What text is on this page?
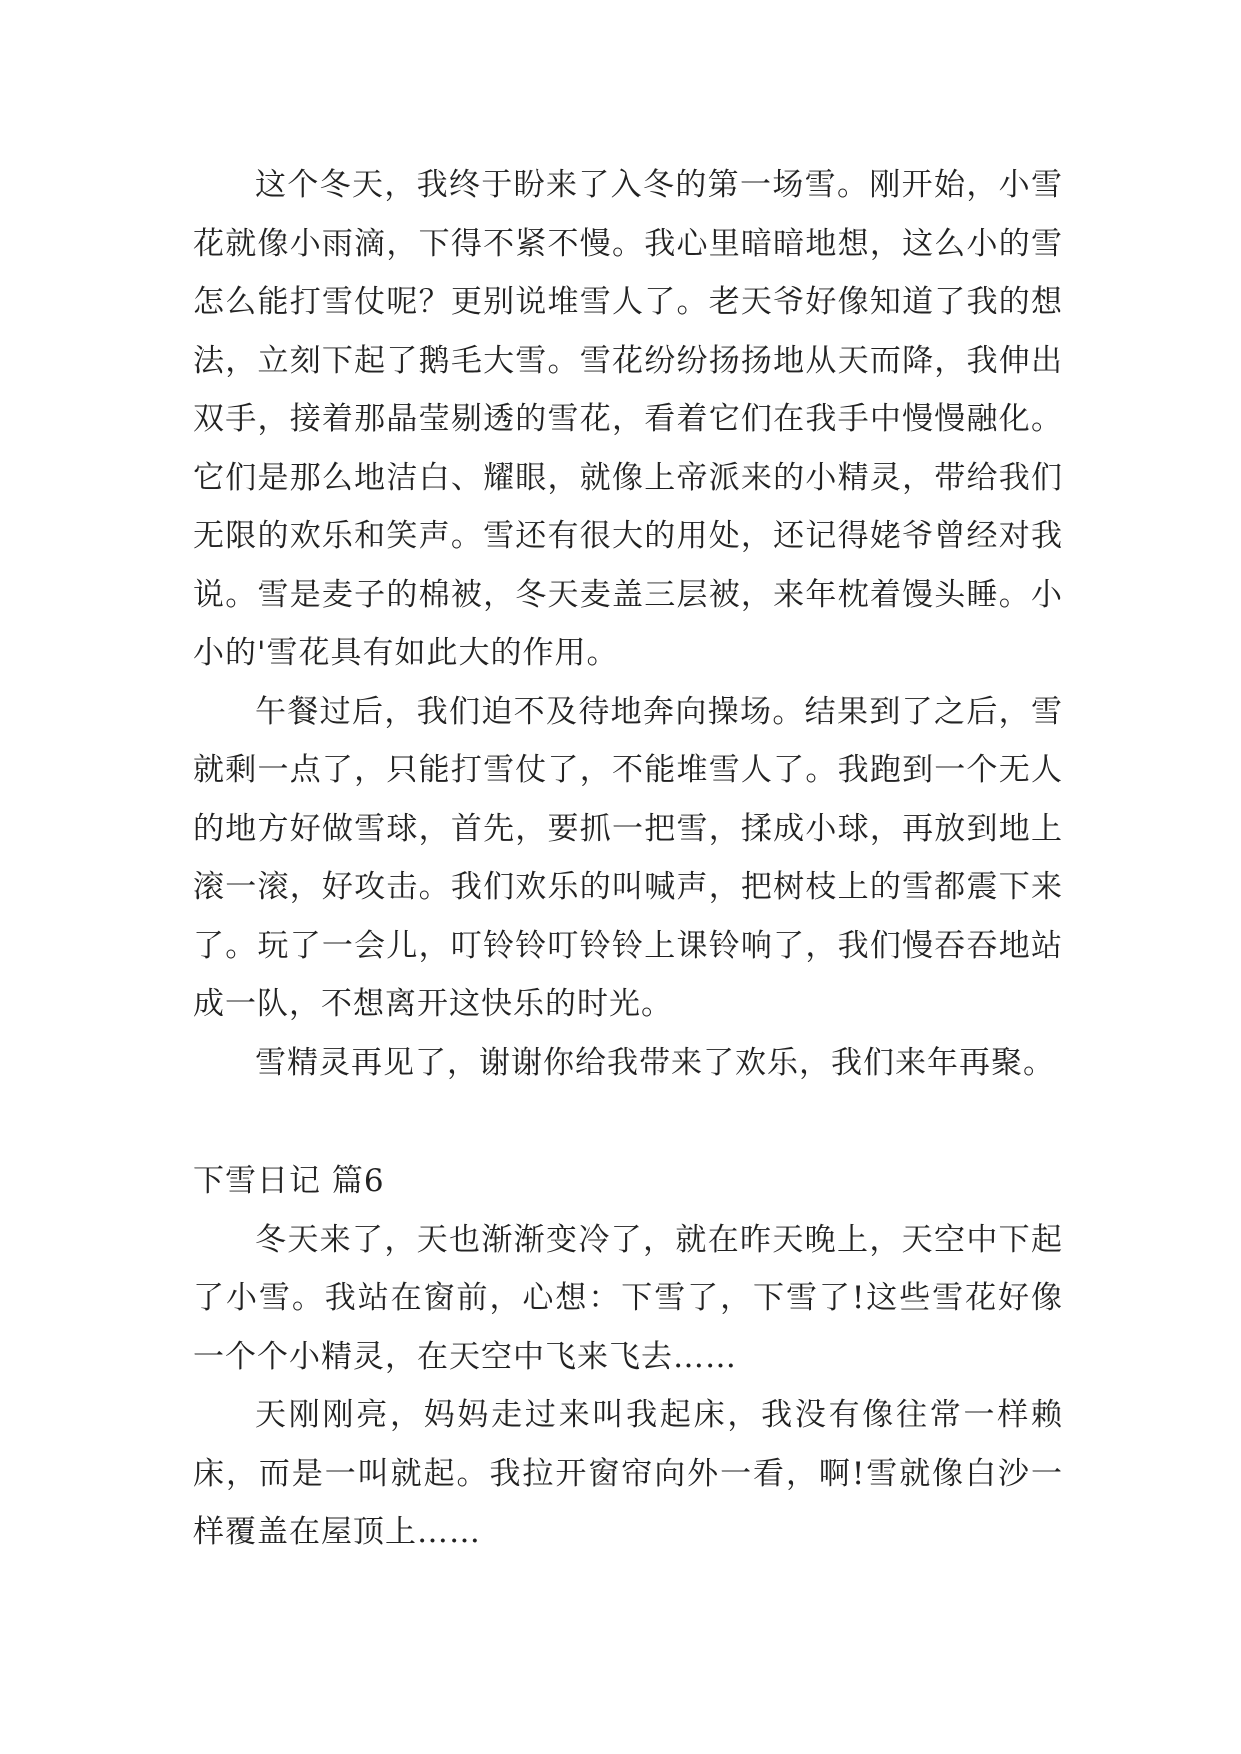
这个冬天，我终于盼来了入冬的第一场雪。刚开始，小雪花就像小雨滴，下得不紧不慢。我心里暗暗地想，这么小的雪怎么能打雪仗呢？更别说堆雪人了。老天爷好像知道了我的想法，立刻下起了鹅毛大雪。雪花纷纷扬扬地从天而降，我伸出双手，接着那晶莹剔透的雪花，看着它们在我手中慢慢融化。它们是那么地洁白、耀眼，就像上帝派来的小精灵，带给我们无限的欢乐和笑声。雪还有很大的用处，还记得姥爷曾经对我说。雪是麦子的棉被，冬天麦盖三层被，来年枕着馒头睡。小小的'雪花具有如此大的作用。

午餐过后，我们迫不及待地奔向操场。结果到了之后，雪就剩一点了，只能打雪仗了，不能堆雪人了。我跑到一个无人的地方好做雪球，首先，要抓一把雪，揉成小球，再放到地上滚一滚，好攻击。我们欢乐的叫喊声，把树枝上的雪都震下来了。玩了一会儿，叮铃铃叮铃铃上课铃响了，我们慢吞吞地站成一队，不想离开这快乐的时光。

雪精灵再见了，谢谢你给我带来了欢乐，我们来年再聚。

下雪日记 篇6

冬天来了，天也渐渐变冷了，就在昨天晚上，天空中下起了小雪。我站在窗前，心想：下雪了，下雪了!这些雪花好像一个个小精灵，在天空中飞来飞去……

天刚刚亮，妈妈走过来叫我起床，我没有像往常一样赖床，而是一叫就起。我拉开窗帘向外一看，啊!雪就像白沙一样覆盖在屋顶上……
